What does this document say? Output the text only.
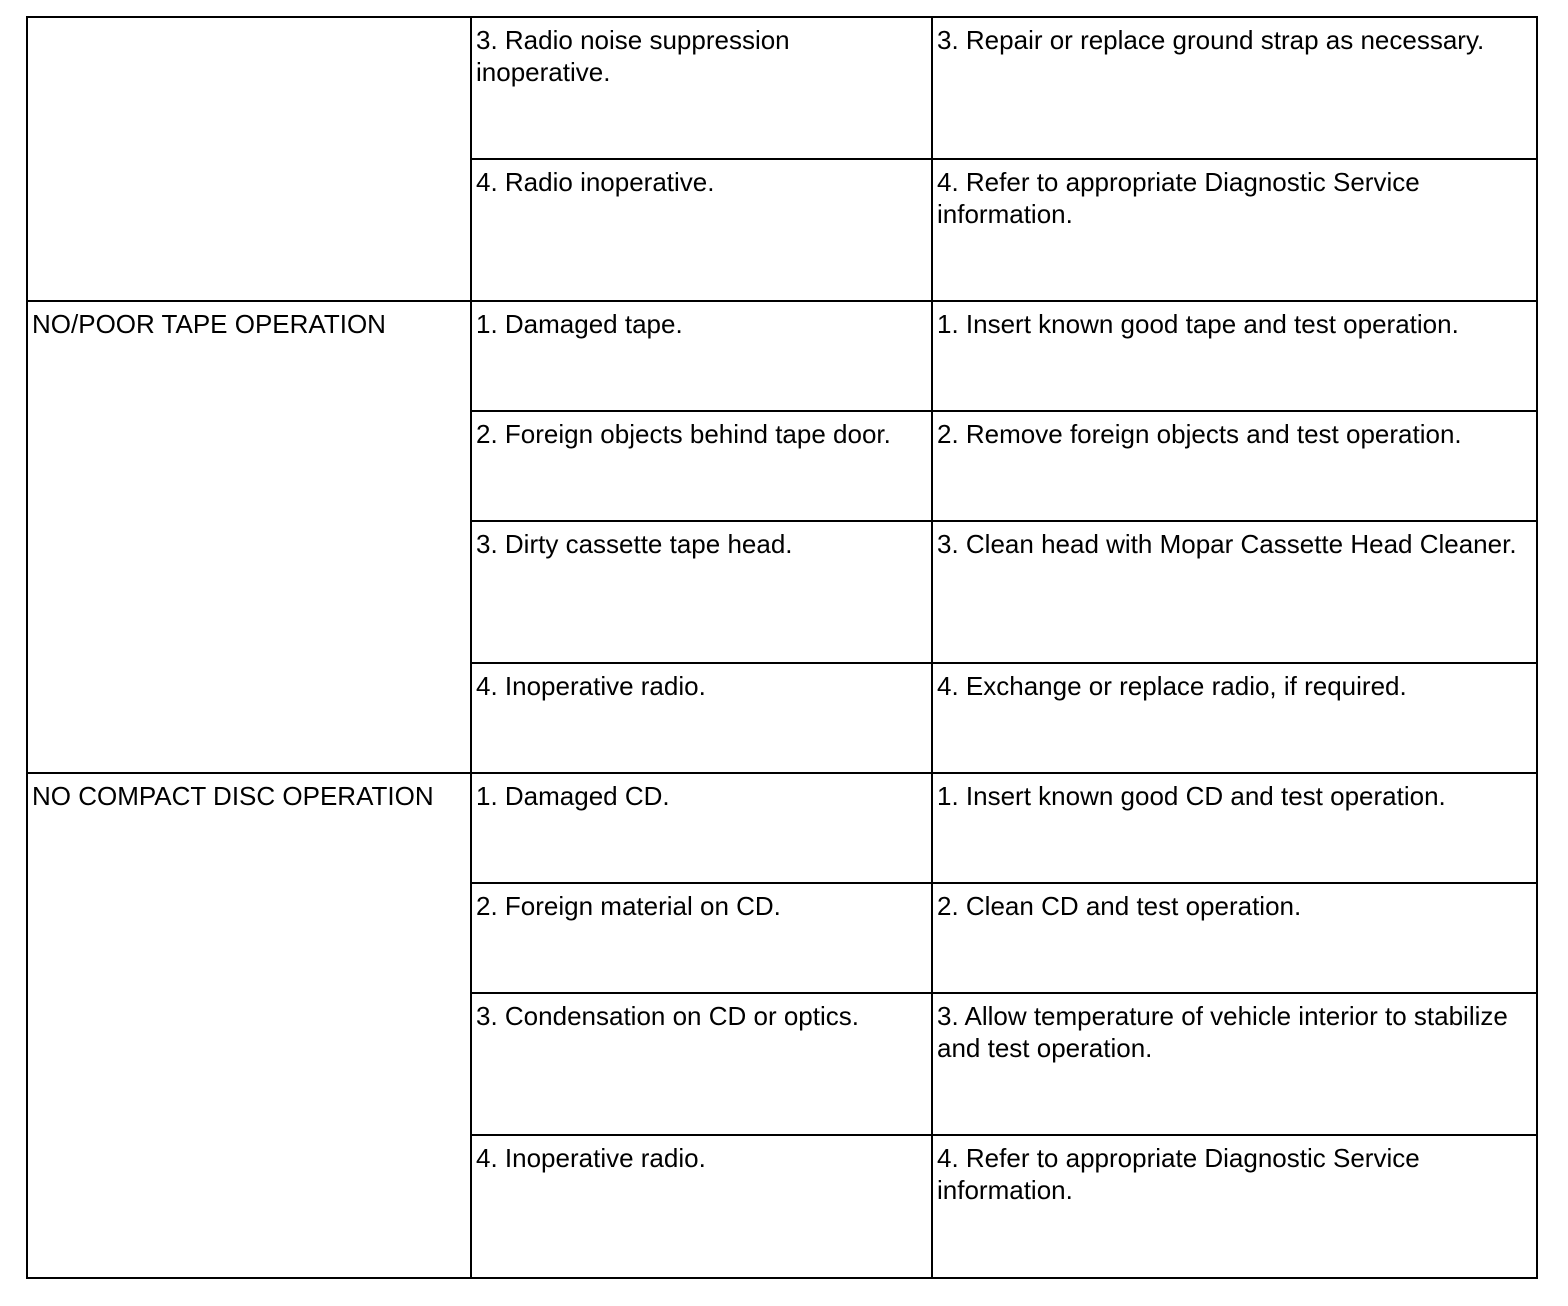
	3. Radio noise suppression inoperative.	3. Repair or replace ground strap as necessary.
	4. Radio inoperative.	4. Refer to appropriate Diagnostic Service information.
NO/POOR TAPE OPERATION	1. Damaged tape.	1. Insert known good tape and test operation.
	2. Foreign objects behind tape door.	2. Remove foreign objects and test operation.
	3. Dirty cassette tape head.	3. Clean head with Mopar Cassette Head Cleaner.
	4. Inoperative radio.	4. Exchange or replace radio, if required.
NO COMPACT DISC OPERATION	1. Damaged CD.	1. Insert known good CD and test operation.
	2. Foreign material on CD.	2. Clean CD and test operation.
	3. Condensation on CD or optics.	3. Allow temperature of vehicle interior to stabilize and test operation.
	4. Inoperative radio.	4. Refer to appropriate Diagnostic Service information.
